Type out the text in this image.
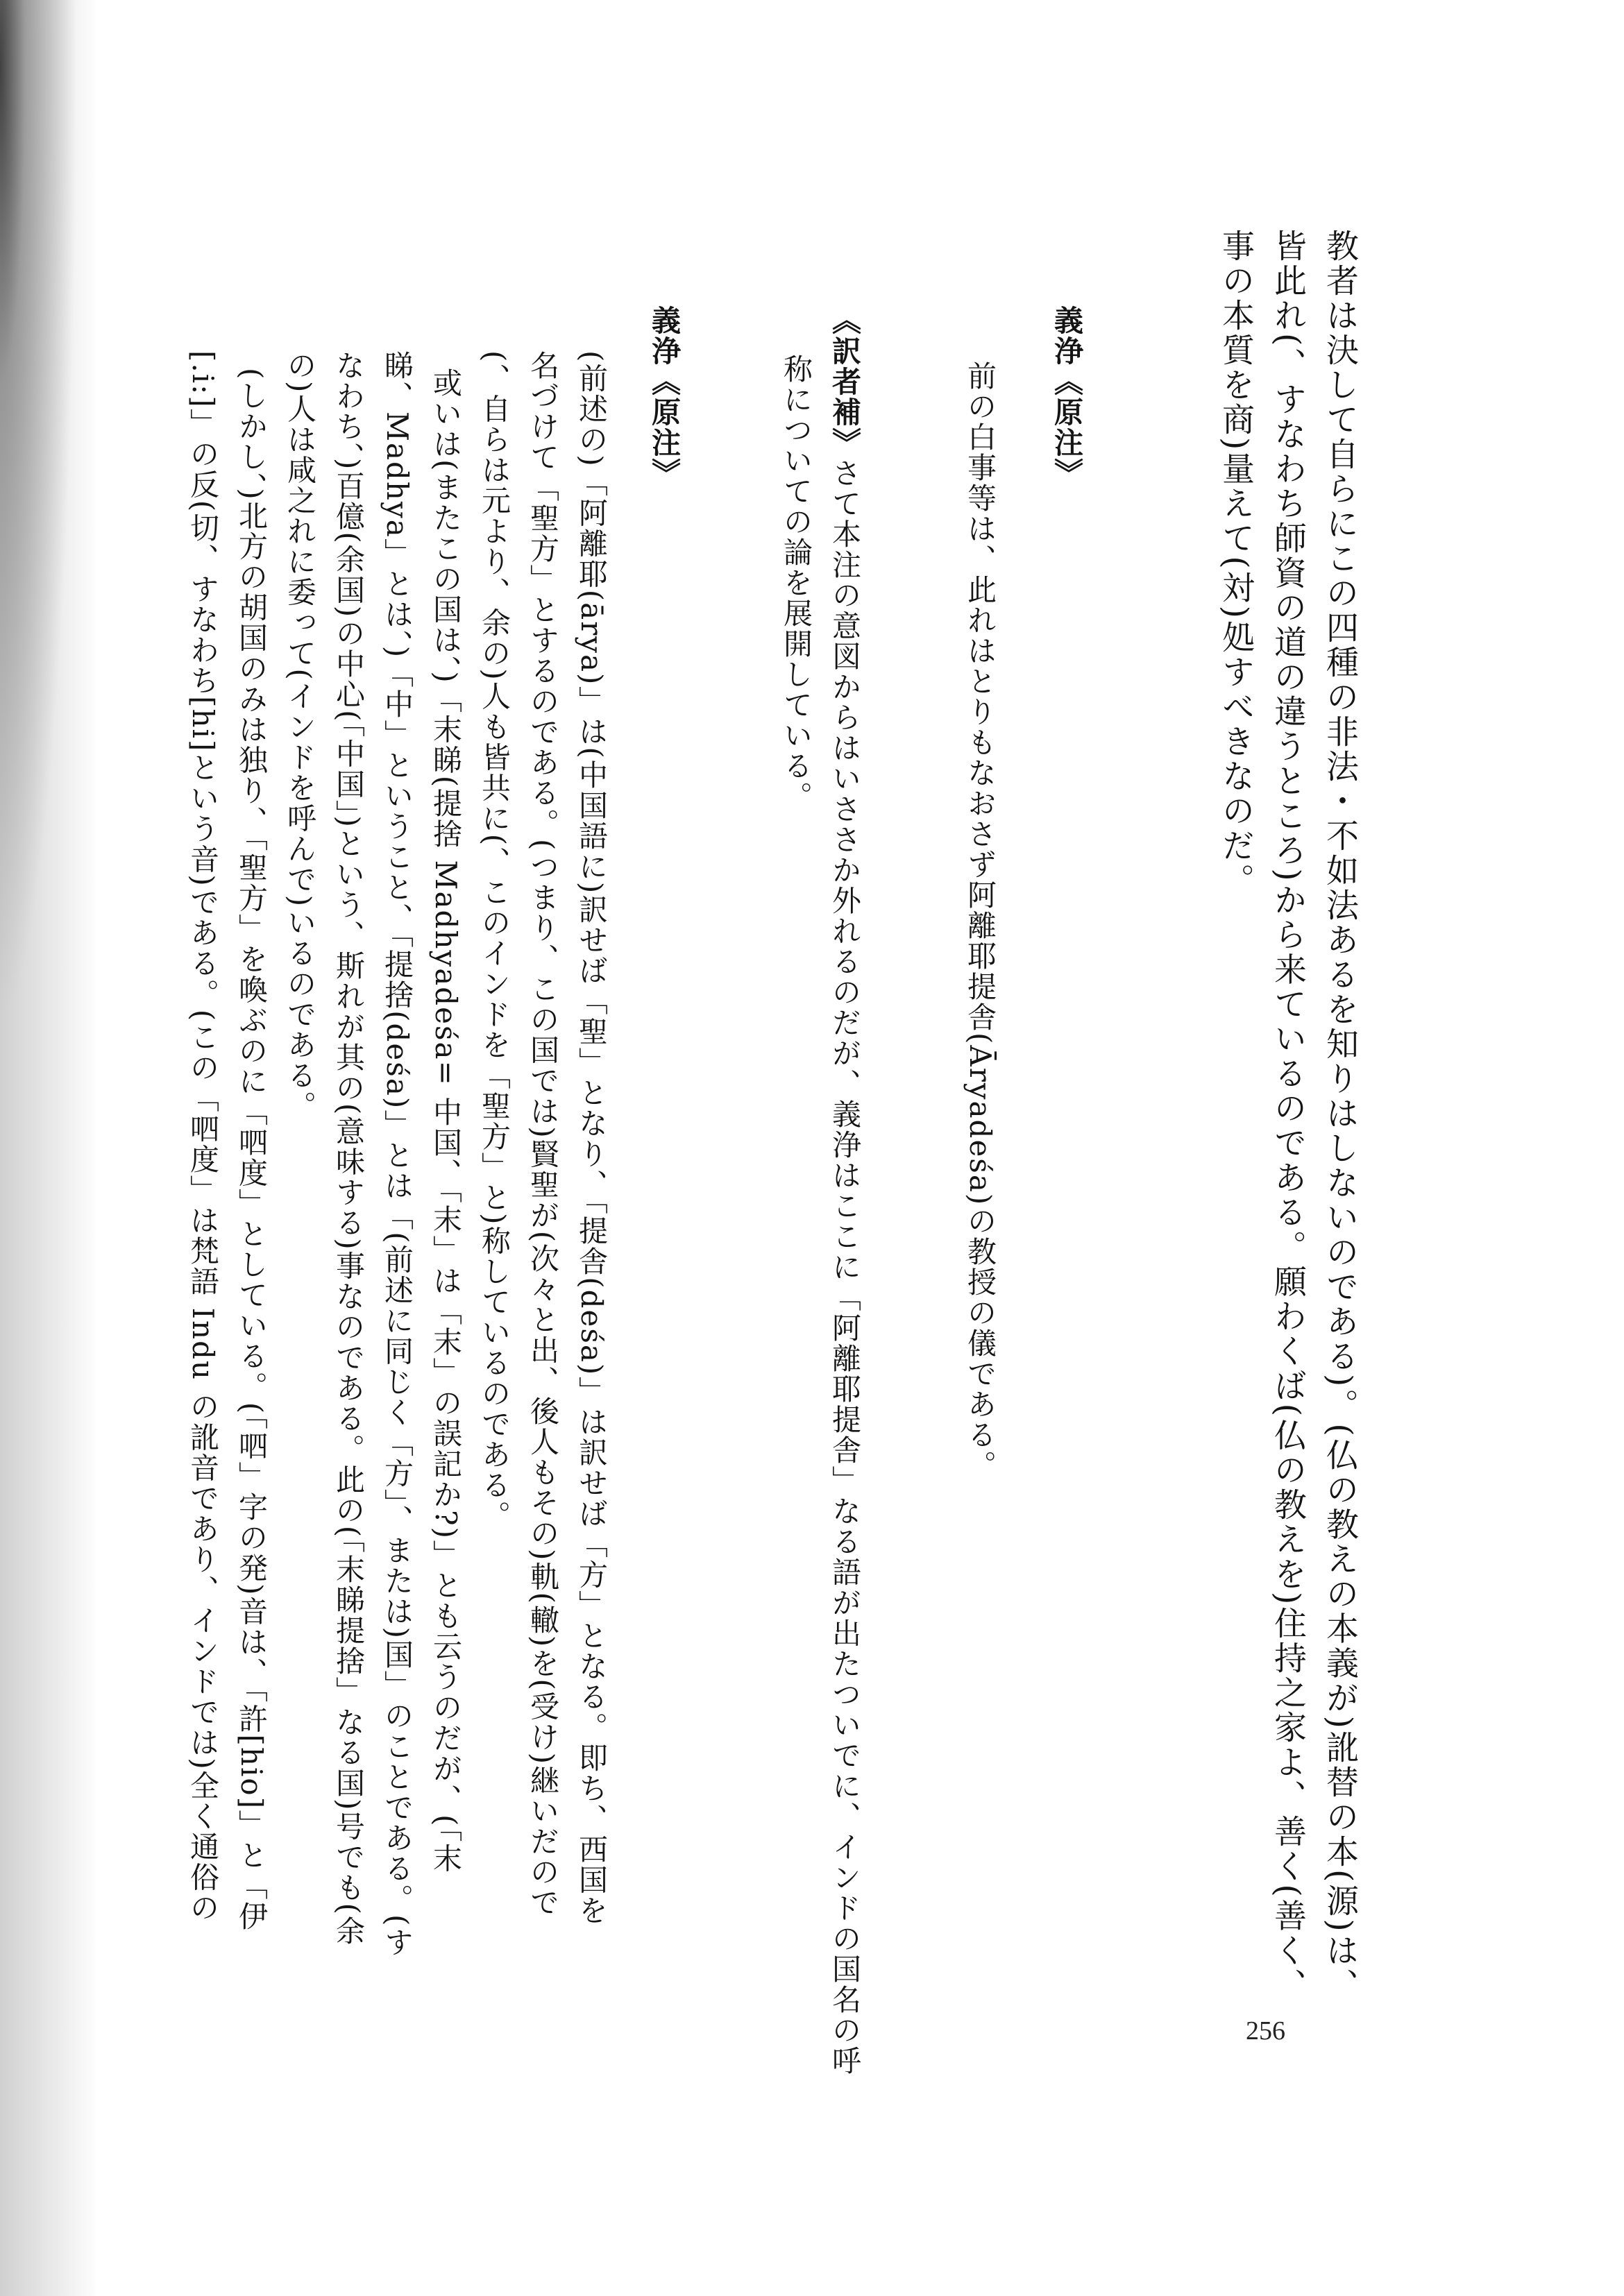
教者は決して自らにこの四種の非法・不如法あるを知りはしないのである)。(仏の教えの本義が)訛替の本(源)は、
皆此れ(、すなわち師資の道の違うところ)から来ているのである。願わくば(仏の教えを)住持之家よ、善く(善く、
事の本質を商)量えて(対)処すべきなのだ。
義浄《原注》
前の白事等は、此れはとりもなおさず阿離耶提舎(Āryadeśa)の教授の儀である。
《訳者補》
さて本注の意図からはいささか外れるのだが、義浄はここに「阿離耶提舎」なる語が出たついでに、インドの国名の呼
称についての論を展開している。
義浄《原注》
(前述の)「阿離耶(ārya)」は(中国語に)訳せば「聖」となり、「提舎(deśa)」は訳せば「方」となる。即ち、西国を
名づけて「聖方」とするのである。(つまり、この国では)賢聖が(次々と出、後人もその)軌(轍)を(受け)継いだので
(、自らは元より、余の)人も皆共に(、このインドを「聖方」と)称しているのである。
或いは(またこの国は、)「末睇(提捨 Madhyadeśa= 中国、「末」は「末」の誤記か?)」とも云うのだが、(「末
睇、Madhya」とは、)「中」ということ、「提捨(deśa)」とは「(前述に同じく「方」、または)国」のことである。(す
なわち、)百億(余国)の中心(「中国」)という、斯れが其の(意味する)事なのである。此の(「末睇提捨」なる国)号でも(余
の)人は咸之れに委って(インドを呼んで)いるのである。
(しかし、)北方の胡国のみは独り、「聖方」を喚ぶのに「呬度」としている。(「呬」字の発)音は、「許[hio]」と「伊
[.i:]」の反(切、すなわち[hi]という音)である。(この「呬度」は梵語 Indu の訛音であり、インドでは)全く通俗の
256
